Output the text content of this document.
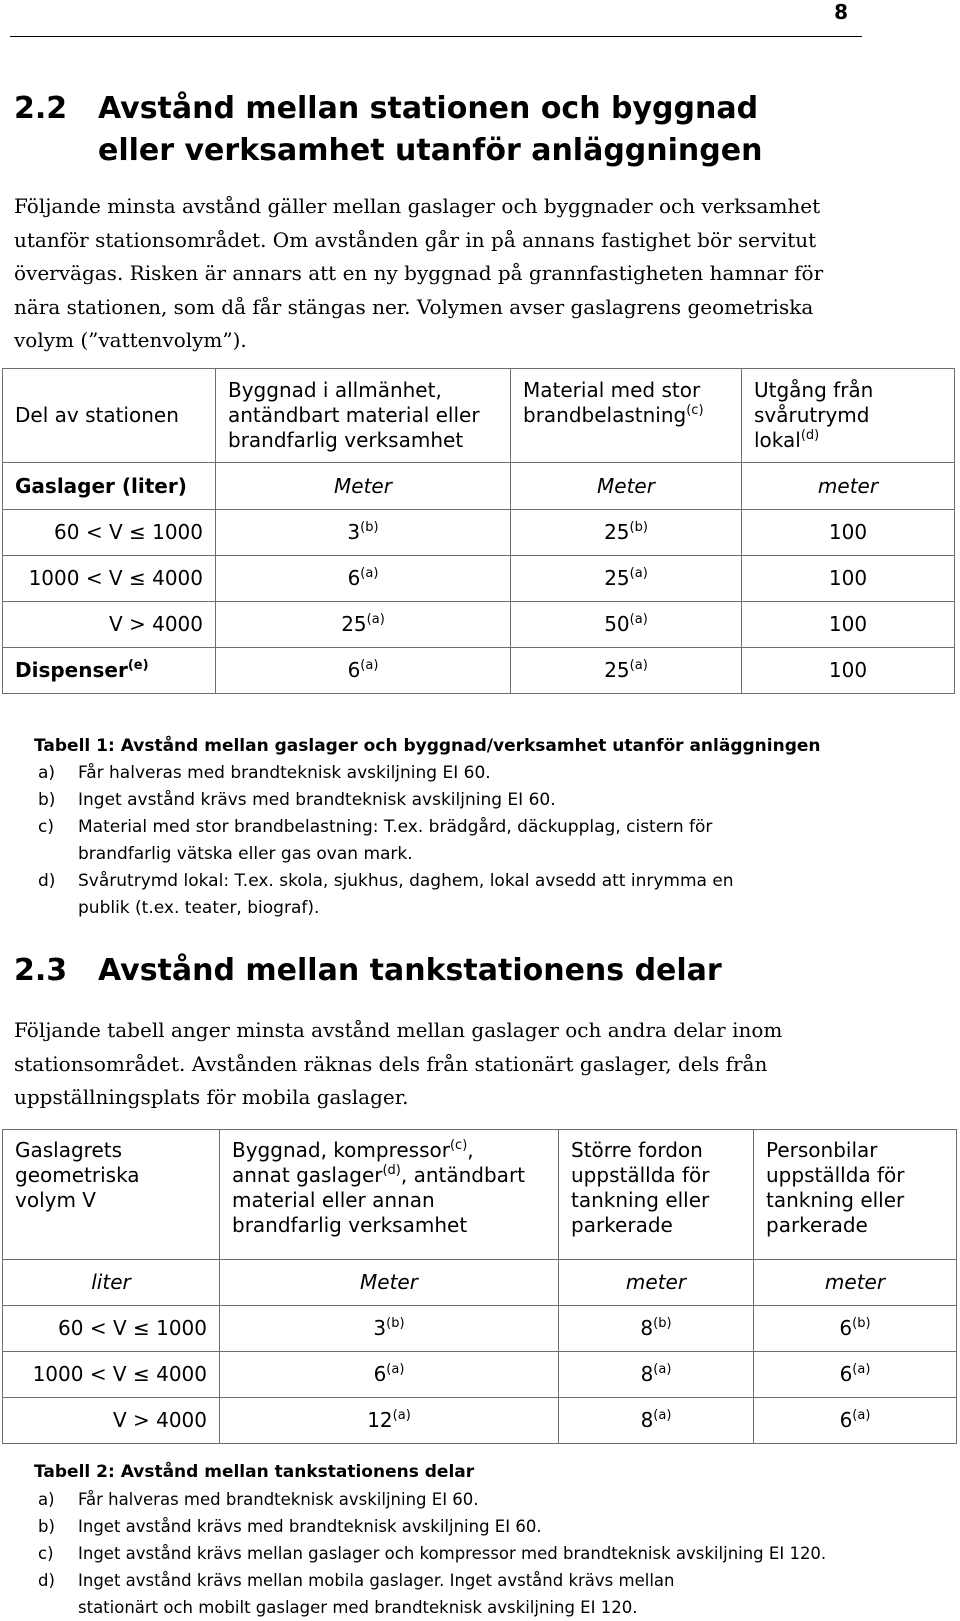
8
2.2 Avstånd mellan stationen och byggnad
eller verksamhet utanför anläggningen
Följande minsta avstånd gäller mellan gaslager och byggnader och verksamhet
utanför stationsområdet. Om avstånden går in på annans fastighet bör servitut
övervägas. Risken är annars att en ny byggnad på grannfastigheten hamnar för
nära stationen, som då får stängas ner. Volymen avser gaslagrens geometriska
volym (”vattenvolym”).
Del av stationen	Byggnad i allmänhet,
antändbart material eller
brandfarlig verksamhet	Material med stor
brandbelastning$^{(c)}$	Utgång från
svårutrymd
lokal$^{(d)}$
Gaslager (liter)	Meter	Meter	meter
60 < V ≤ 1000	3$^{(b)}$	25$^{(b)}$	100
1000 < V ≤ 4000	6$^{(a)}$	25$^{(a)}$	100
V > 4000	25$^{(a)}$	50$^{(a)}$	100
Dispenser$^{(e)}$	6$^{(a)}$	25$^{(a)}$	100
Tabell 1: Avstånd mellan gaslager och byggnad/verksamhet utanför anläggningen
a) Får halveras med brandteknisk avskiljning EI 60.
b) Inget avstånd krävs med brandteknisk avskiljning EI 60.
c) Material med stor brandbelastning: T.ex. brädgård, däckupplag, cistern för
brandfarlig vätska eller gas ovan mark.
d) Svårutrymd lokal: T.ex. skola, sjukhus, daghem, lokal avsedd att inrymma en
publik (t.ex. teater, biograf).
2.3 Avstånd mellan tankstationens delar
Följande tabell anger minsta avstånd mellan gaslager och andra delar inom
stationsområdet. Avstånden räknas dels från stationärt gaslager, dels från
uppställningsplats för mobila gaslager.
Gaslagrets
geometriska
volym V	Byggnad, kompressor$^{(c)}$,
annat gaslager$^{(d)}$, antändbart
material eller annan
brandfarlig verksamhet	Större fordon
uppställda för
tankning eller
parkerade	Personbilar
uppställda för
tankning eller
parkerade
liter	Meter	meter	meter
60 < V ≤ 1000	3$^{(b)}$	8$^{(b)}$	6$^{(b)}$
1000 < V ≤ 4000	6$^{(a)}$	8$^{(a)}$	6$^{(a)}$
V > 4000	12$^{(a)}$	8$^{(a)}$	6$^{(a)}$
Tabell 2: Avstånd mellan tankstationens delar
a) Får halveras med brandteknisk avskiljning EI 60.
b) Inget avstånd krävs med brandteknisk avskiljning EI 60.
c) Inget avstånd krävs mellan gaslager och kompressor med brandteknisk avskiljning EI 120.
d) Inget avstånd krävs mellan mobila gaslager. Inget avstånd krävs mellan
stationärt och mobilt gaslager med brandteknisk avskiljning EI 120.
